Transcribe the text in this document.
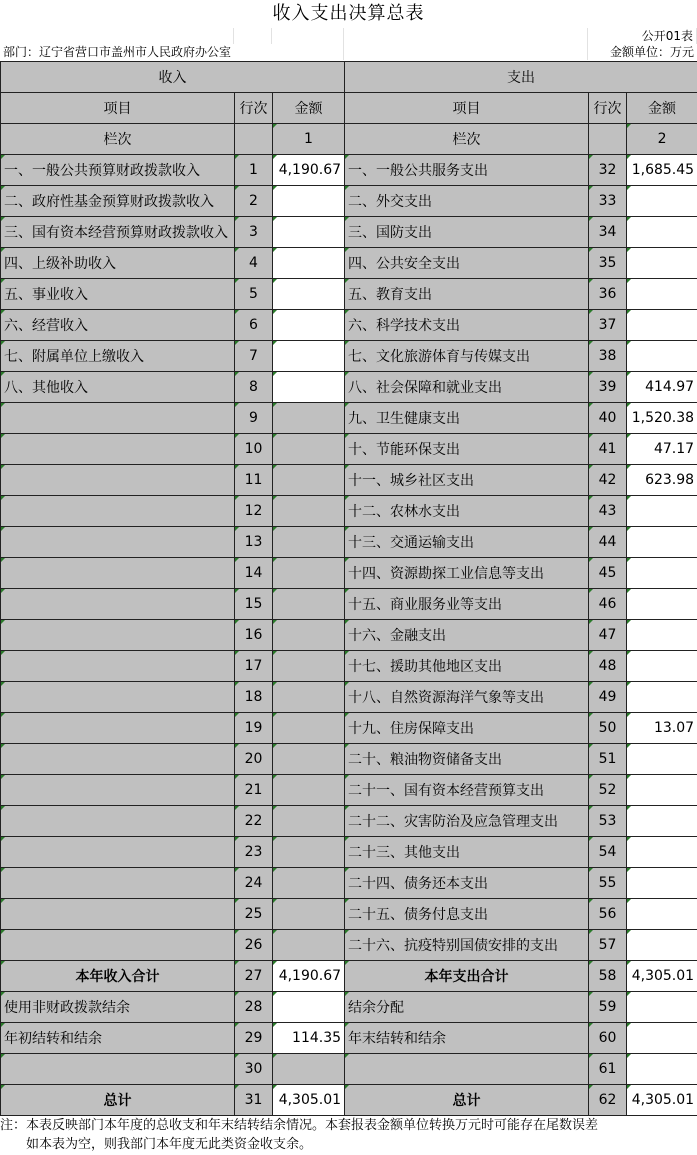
收入支出决算总表
公开01表
部门：辽宁省营口市盖州市人民政府办公室	金额单位：万元
收入			支出		
项目	行次	金额	项目	行次	金额
栏次		1	栏次		2
一、一般公共预算财政拨款收入	1	4,190.67	一、一般公共服务支出	32	1,685.45
二、政府性基金预算财政拨款收入	2		二、外交支出	33	
三、国有资本经营预算财政拨款收入	3		三、国防支出	34	
四、上级补助收入	4		四、公共安全支出	35	
五、事业收入	5		五、教育支出	36	
六、经营收入	6		六、科学技术支出	37	
七、附属单位上缴收入	7		七、文化旅游体育与传媒支出	38	
八、其他收入	8		八、社会保障和就业支出	39	414.97
	9		九、卫生健康支出	40	1,520.38
	10		十、节能环保支出	41	47.17
	11		十一、城乡社区支出	42	623.98
	12		十二、农林水支出	43	
	13		十三、交通运输支出	44	
	14		十四、资源勘探工业信息等支出	45	
	15		十五、商业服务业等支出	46	
	16		十六、金融支出	47	
	17		十七、援助其他地区支出	48	
	18		十八、自然资源海洋气象等支出	49	
	19		十九、住房保障支出	50	13.07
	20		二十、粮油物资储备支出	51	
	21		二十一、国有资本经营预算支出	52	
	22		二十二、灾害防治及应急管理支出	53	
	23		二十三、其他支出	54	
	24		二十四、债务还本支出	55	
	25		二十五、债务付息支出	56	
	26		二十六、抗疫特别国债安排的支出	57	
本年收入合计	27	4,190.67	本年支出合计	58	4,305.01
使用非财政拨款结余	28		结余分配	59	
年初结转和结余	29	114.35	年末结转和结余	60	
	30			61	
总计	31	4,305.01	总计	62	4,305.01
注：本表反映部门本年度的总收支和年末结转结余情况。本套报表金额单位转换万元时可能存在尾数误差
如本表为空，则我部门本年度无此类资金收支余。
